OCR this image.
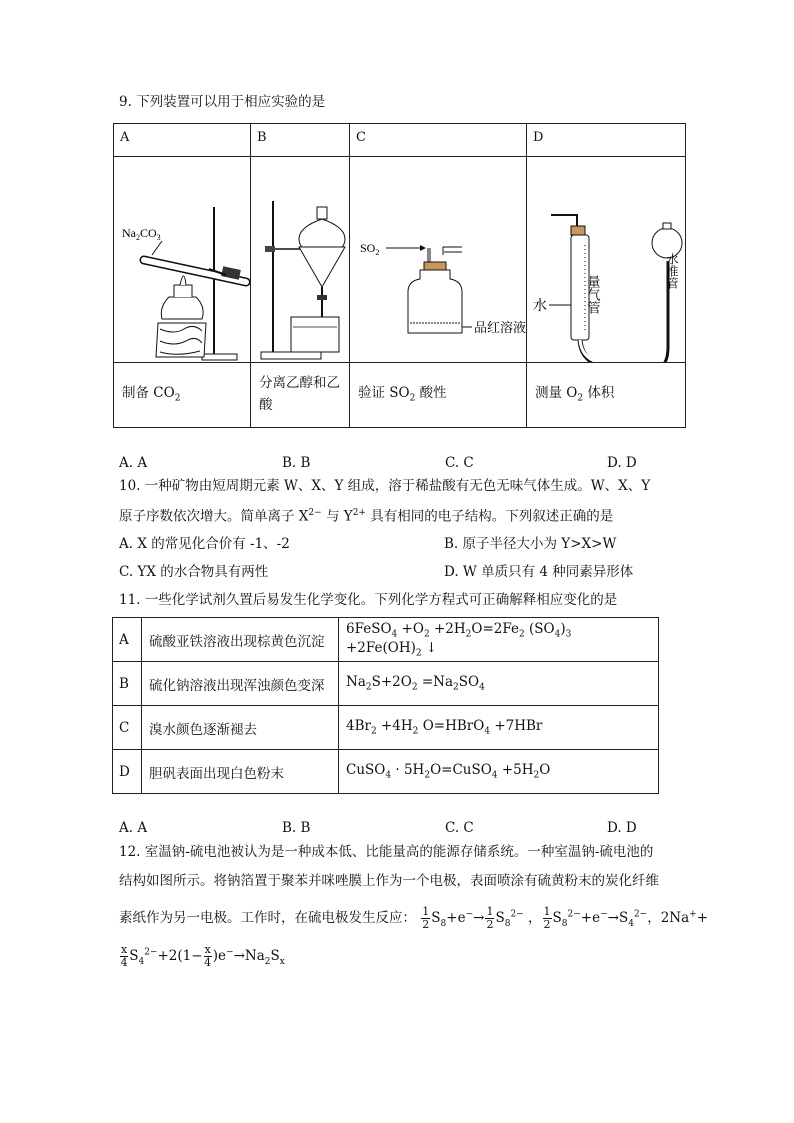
9. 下列装置可以用于相应实验的是
A	B	C	D

$Na_2CO_3$		$SO_2$
品红溶液	量气管
水
水准管

制备 $CO_2$	分离乙醇和乙酸	验证 $SO_2$ 酸性	测量 $O_2$ 体积
A. A	B. B	C. C	D. D
10. 一种矿物由短周期元素 W、X、Y 组成，溶于稀盐酸有无色无味气体生成。W、X、Y
原子序数依次增大。简单离子 $X^{2-}$ 与 $Y^{2+}$ 具有相同的电子结构。下列叙述正确的是
A. X 的常见化合价有 -1、-2	B. 原子半径大小为 Y>X>W
C. YX 的水合物具有两性	D. W 单质只有 4 种同素异形体
11. 一些化学试剂久置后易发生化学变化。下列化学方程式可正确解释相应变化的是
A	硫酸亚铁溶液出现棕黄色沉淀	6FeSO$_4$ $+O_2 +2H_2O=2Fe_2$ $(SO_4)_3 +2Fe(OH)_2$ ↓
B	硫化钠溶液出现浑浊颜色变深	$Na_2S+2O_2 =Na_2SO_4$
C	溴水颜色逐渐褪去	$4Br_2 +4H_2$ O=HBrO$_4$ +7HBr
D	胆矾表面出现白色粉末	CuSO$_4$ · $5H_2O=CuSO_4 +5H_2O$
A. A	B. B	C. C	D. D
12. 室温钠-硫电池被认为是一种成本低、比能量高的能源存储系统。一种室温钠-硫电池的
结构如图所示。将钠箔置于聚苯并咪唑膜上作为一个电极，表面喷涂有硫黄粉末的炭化纤维
素纸作为另一电极。工作时，在硫电极发生反应： $\frac{1}{2} S_8+e^-\to \frac{1}{2} S_8^{2-}$ ， $\frac{1}{2} S_8^{2-}+e^-\to S_4^{2-}$，2Na++
$\frac{x}{4} S_4^{2-}+2(1- \frac{x}{4} )e^-\to Na_2S_x$
